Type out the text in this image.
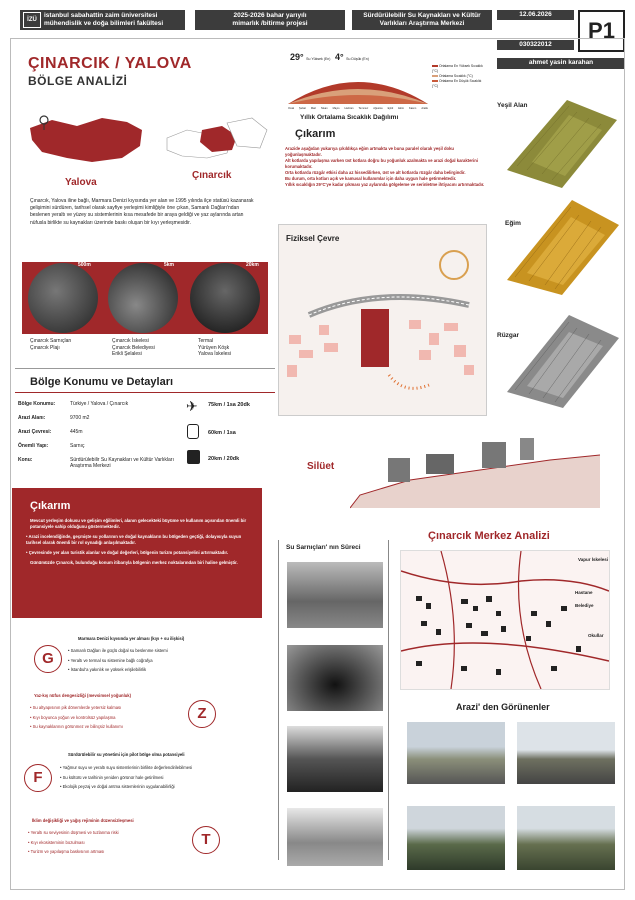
İZÜ
istanbul sabahattin zaim üniversitesi
mühendislik ve doğa bilimleri fakültesi
2025-2026 bahar yarıyılı
mimarlık /bitirme projesi
Sürdürülebilir Su Kaynakları ve Kültür
Varlıkları Araştırma Merkezi
12.06.2026
030322012
P1
ahmet yasin karahan
ÇINARCIK / YALOVA
BÖLGE ANALİZİ
Yalova
Çınarcık
Çınarcık, Yalova iline bağlı, Marmara Denizi kıyısında yer alan ve 1995 yılında ilçe statüsü kazanarak gelişimini sürdüren, tarihsel olarak sayfiye yerleşimi kimliğiyle öne çıkan, Samanlı Dağları'ndan beslenen yeraltı ve yüzey su sistemlerinin kısa mesafede bir araya geldiği ve yaz aylarında artan nüfusla birlikte su kaynakları üzerinde baskı oluşan bir kıyı yerleşmesidir.
500m	5km	20km
Çınarcık Sarnıçları
Çınarcık Plajı
Çınarcık İskelesi
Çınarcık Belediyesi
Erikli Şelalesi
Termal
Yürüyen Köşk
Yalova İskelesi
29° Su Yüksek (En) 4° Su Düşük (En)
Ocak Şubat Mart Nisan Mayıs Haziran Temmuz Ağustos Eylül Ekim Kasım Aralık
Ortalama En Yüksek Sıcaklık (°C)
Ortalama Sıcaklık (°C)
Ortalama En Düşük Sıcaklık (°C)
Yıllık Ortalama Sıcaklık Dağılımı
Çıkarım
Arazide aşağıdan yukarıya çıkıldıkça eğim artmakta ve buna paralel olarak yeşil doku yoğunlaşmaktadır.
Alt kotlarda yapılaşma varken üst kotlara doğru bu yoğunluk azalmakta ve arazi doğal karakterini korumaktadır.
Orta kotlarda rüzgâr etkisi daha az hissedilirken, üst ve alt kotlarda rüzgâr daha belirgindir.
Bu durum, orta kotları açık ve kamusal kullanımlar için daha uygun hale getirmektedir.
Yıllık sıcaklığın 29°C'ye kadar çıkması yaz aylarında gölgeleme ve serinletme ihtiyacını artırmaktadır.
Yeşil Alan
Eğim
Rüzgar
Fiziksel Çevre
Silüet
Bölge Konumu ve Detayları
Bölge Konumu:	Türkiye / Yalova / Çınarcık
Arazi Alanı:	9700 m2
Arazi Çevresi:	445m
Önemli Yapı:	Sarnıç
Konu:	Sürdürülebilir Su Kaynakları ve Kültür Varlıkları Araştırma Merkezi
✈ 75km / 1sa 20dk
60km / 1sa
20km / 20dk
Çıkarım
Mevcut yerleşim dokusu ve gelişim eğilimleri, alanın gelecekteki büyüme ve kullanım açısından önemli bir potansiyele sahip olduğunu göstermektedir.
• Arazi incelendiğinde, geçmişte su yollarının ve doğal kaynakların bu bölgeden geçtiği, dolayısıyla suyun tarihsel olarak önemli bir rol oynadığı anlaşılmaktadır.
• Çevresinde yer alan turistik alanlar ve doğal değerleri, bölgenin turizm potansiyelini artırmaktadır.
Günümüzde Çınarcık, bulunduğu konum itibarıyla bölgenin merkez noktalarından biri haline gelmiştir.
G
Marmara Denizi kıyısında yer alması (kıyı + su ilişkisi)
• Samanlı Dağları ile güçlü doğal su beslenme sistemi
• Yeraltı ve termal su sistemine bağlı coğrafya
• İstanbul'a yakınlık ve yüksek erişilebilirlik
Z
Yaz-kış nüfus dengesizliği (mevsimsel yoğunluk)
• Su altyapısının pik dönemlerde yetersiz kalması
• Kıyı boyunca yoğun ve kontrolsüz yapılaşma
• Su kaynaklarının görünmez ve bilinçsiz kullanımı
F
Sürdürülebilir su yönetimi için pilot bölge olma potansiyeli
• Yağmur suyu ve yeraltı suyu sistemlerinin birlikte değerlendirilebilmesi
• Su kültürü ve tarihinin yeniden görünür hale getirilmesi
• Ekolojik peyzaj ve doğal arıtma sistemlerinin uygulanabilirliği
T
İklim değişikliği ve yağış rejiminin düzensizleşmesi
• Yeraltı su seviyesinin düşmesi ve tuzlanma riski
• Kıyı ekosisteminin bozulması
• Turizm ve yapılaşma baskısının artması
Su Sarnıçları' nın Süreci
Çınarcık Merkez Analizi
Vapur İskelesi
Hastane
Belediye
Okullar
Arazi' den Görünenler
